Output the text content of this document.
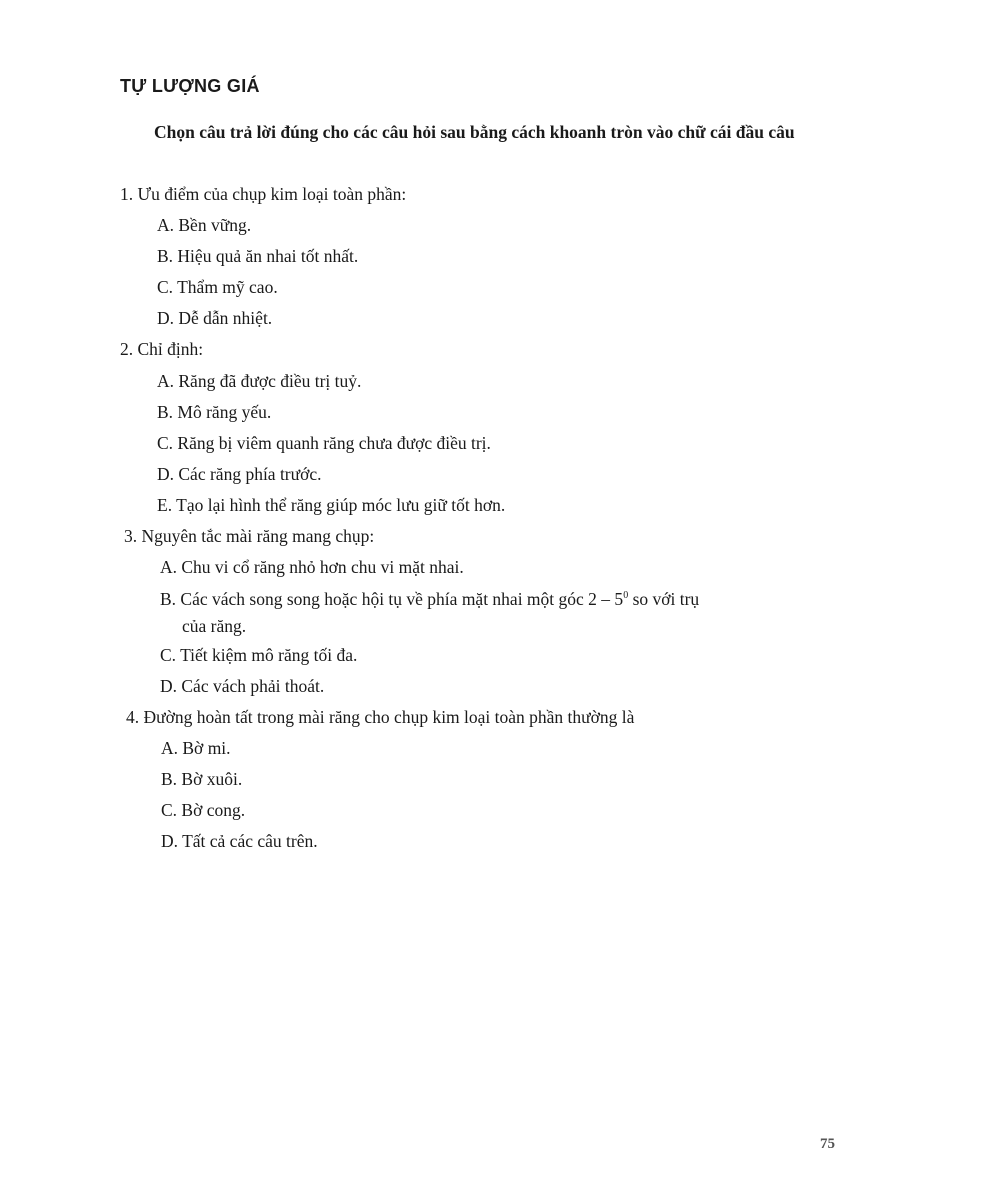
TỰ LƯỢNG GIÁ
Chọn câu trả lời đúng cho các câu hỏi sau bằng cách khoanh tròn vào chữ cái đầu câu
1. Ưu điểm của chụp kim loại toàn phần:
A. Bền vững.
B. Hiệu quả ăn nhai tốt nhất.
C. Thẩm mỹ cao.
D. Dễ dẫn nhiệt.
2. Chỉ định:
A. Răng đã được điều trị tuỷ.
B. Mô răng yếu.
C. Răng bị viêm quanh răng chưa được điều trị.
D. Các răng phía trước.
E. Tạo lại hình thể răng giúp móc lưu giữ tốt hơn.
3. Nguyên tắc mài răng mang chụp:
A. Chu vi cổ răng nhỏ hơn chu vi mặt nhai.
B. Các vách song song hoặc hội tụ về phía mặt nhai một góc $2 - 5^0$ so với trụ
của răng.
C. Tiết kiệm mô răng tối đa.
D. Các vách phải thoát.
4. Đường hoàn tất trong mài răng cho chụp kim loại toàn phần thường là
A. Bờ mi.
B. Bờ xuôi.
C. Bờ cong.
D. Tất cả các câu trên.
75
